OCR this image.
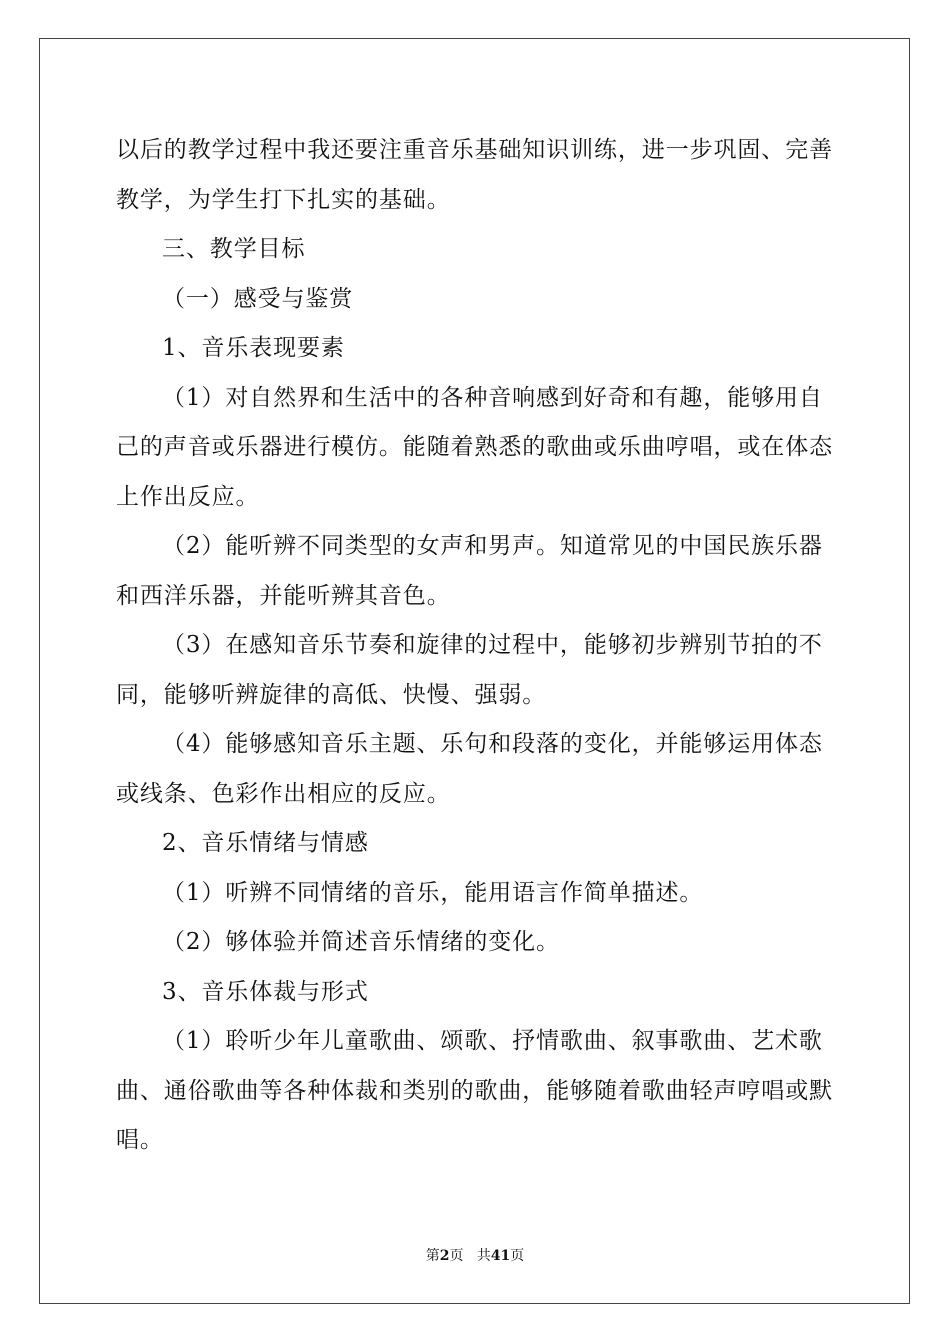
以后的教学过程中我还要注重音乐基础知识训练，进一步巩固、完善
教学，为学生打下扎实的基础。
三、教学目标
（一）感受与鉴赏
1、音乐表现要素
（1）对自然界和生活中的各种音响感到好奇和有趣，能够用自
己的声音或乐器进行模仿。能随着熟悉的歌曲或乐曲哼唱，或在体态
上作出反应。
（2）能听辨不同类型的女声和男声。知道常见的中国民族乐器
和西洋乐器，并能听辨其音色。
（3）在感知音乐节奏和旋律的过程中，能够初步辨别节拍的不
同，能够听辨旋律的高低、快慢、强弱。
（4）能够感知音乐主题、乐句和段落的变化，并能够运用体态
或线条、色彩作出相应的反应。
2、音乐情绪与情感
（1）听辨不同情绪的音乐，能用语言作简单描述。
（2）够体验并简述音乐情绪的变化。
3、音乐体裁与形式
（1）聆听少年儿童歌曲、颂歌、抒情歌曲、叙事歌曲、艺术歌
曲、通俗歌曲等各种体裁和类别的歌曲，能够随着歌曲轻声哼唱或默
唱。
第2页 共41页
